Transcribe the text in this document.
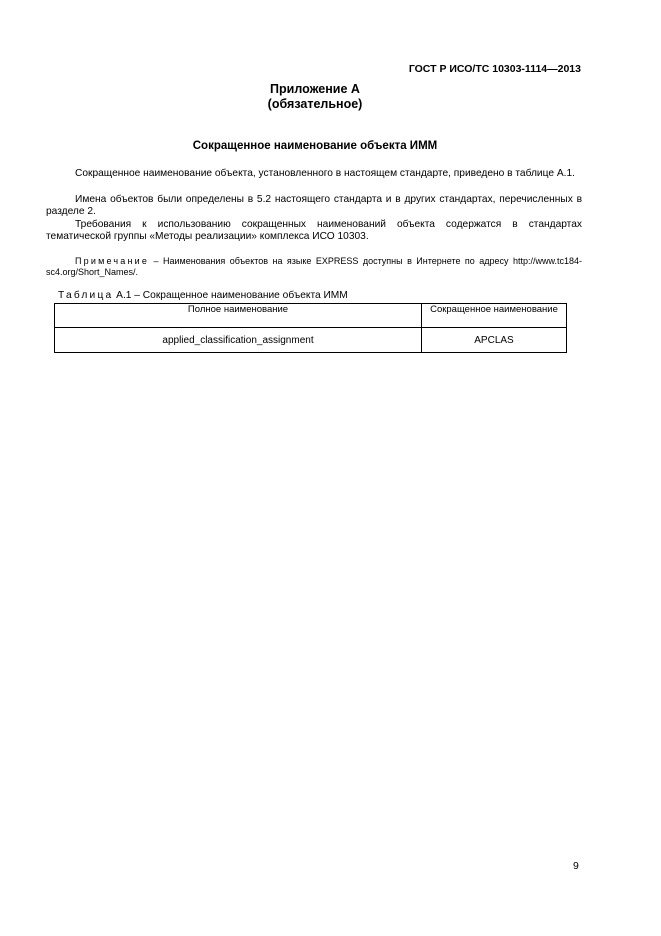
ГОСТ Р ИСО/ТС 10303-1114—2013
Приложение А
(обязательное)
Сокращенное наименование объекта ИММ

Сокращенное наименование объекта, установленного в настоящем стандарте, приведено в таблице А.1.

Имена объектов были определены в 5.2 настоящего стандарта и в других стандартах, перечисленных в разделе 2.

Требования к использованию сокращенных наименований объекта содержатся в стандартах тематической группы «Методы реализации» комплекса ИСО 10303.

Примечание – Наименования объектов на языке EXPRESS доступны в Интернете по адресу http://www.tc184-sc4.org/Short_Names/.

Таблица А.1 – Сокращенное наименование объекта ИММ
Полное наименование	Сокращенное наименование
applied_classification_assignment	APCLAS
9
